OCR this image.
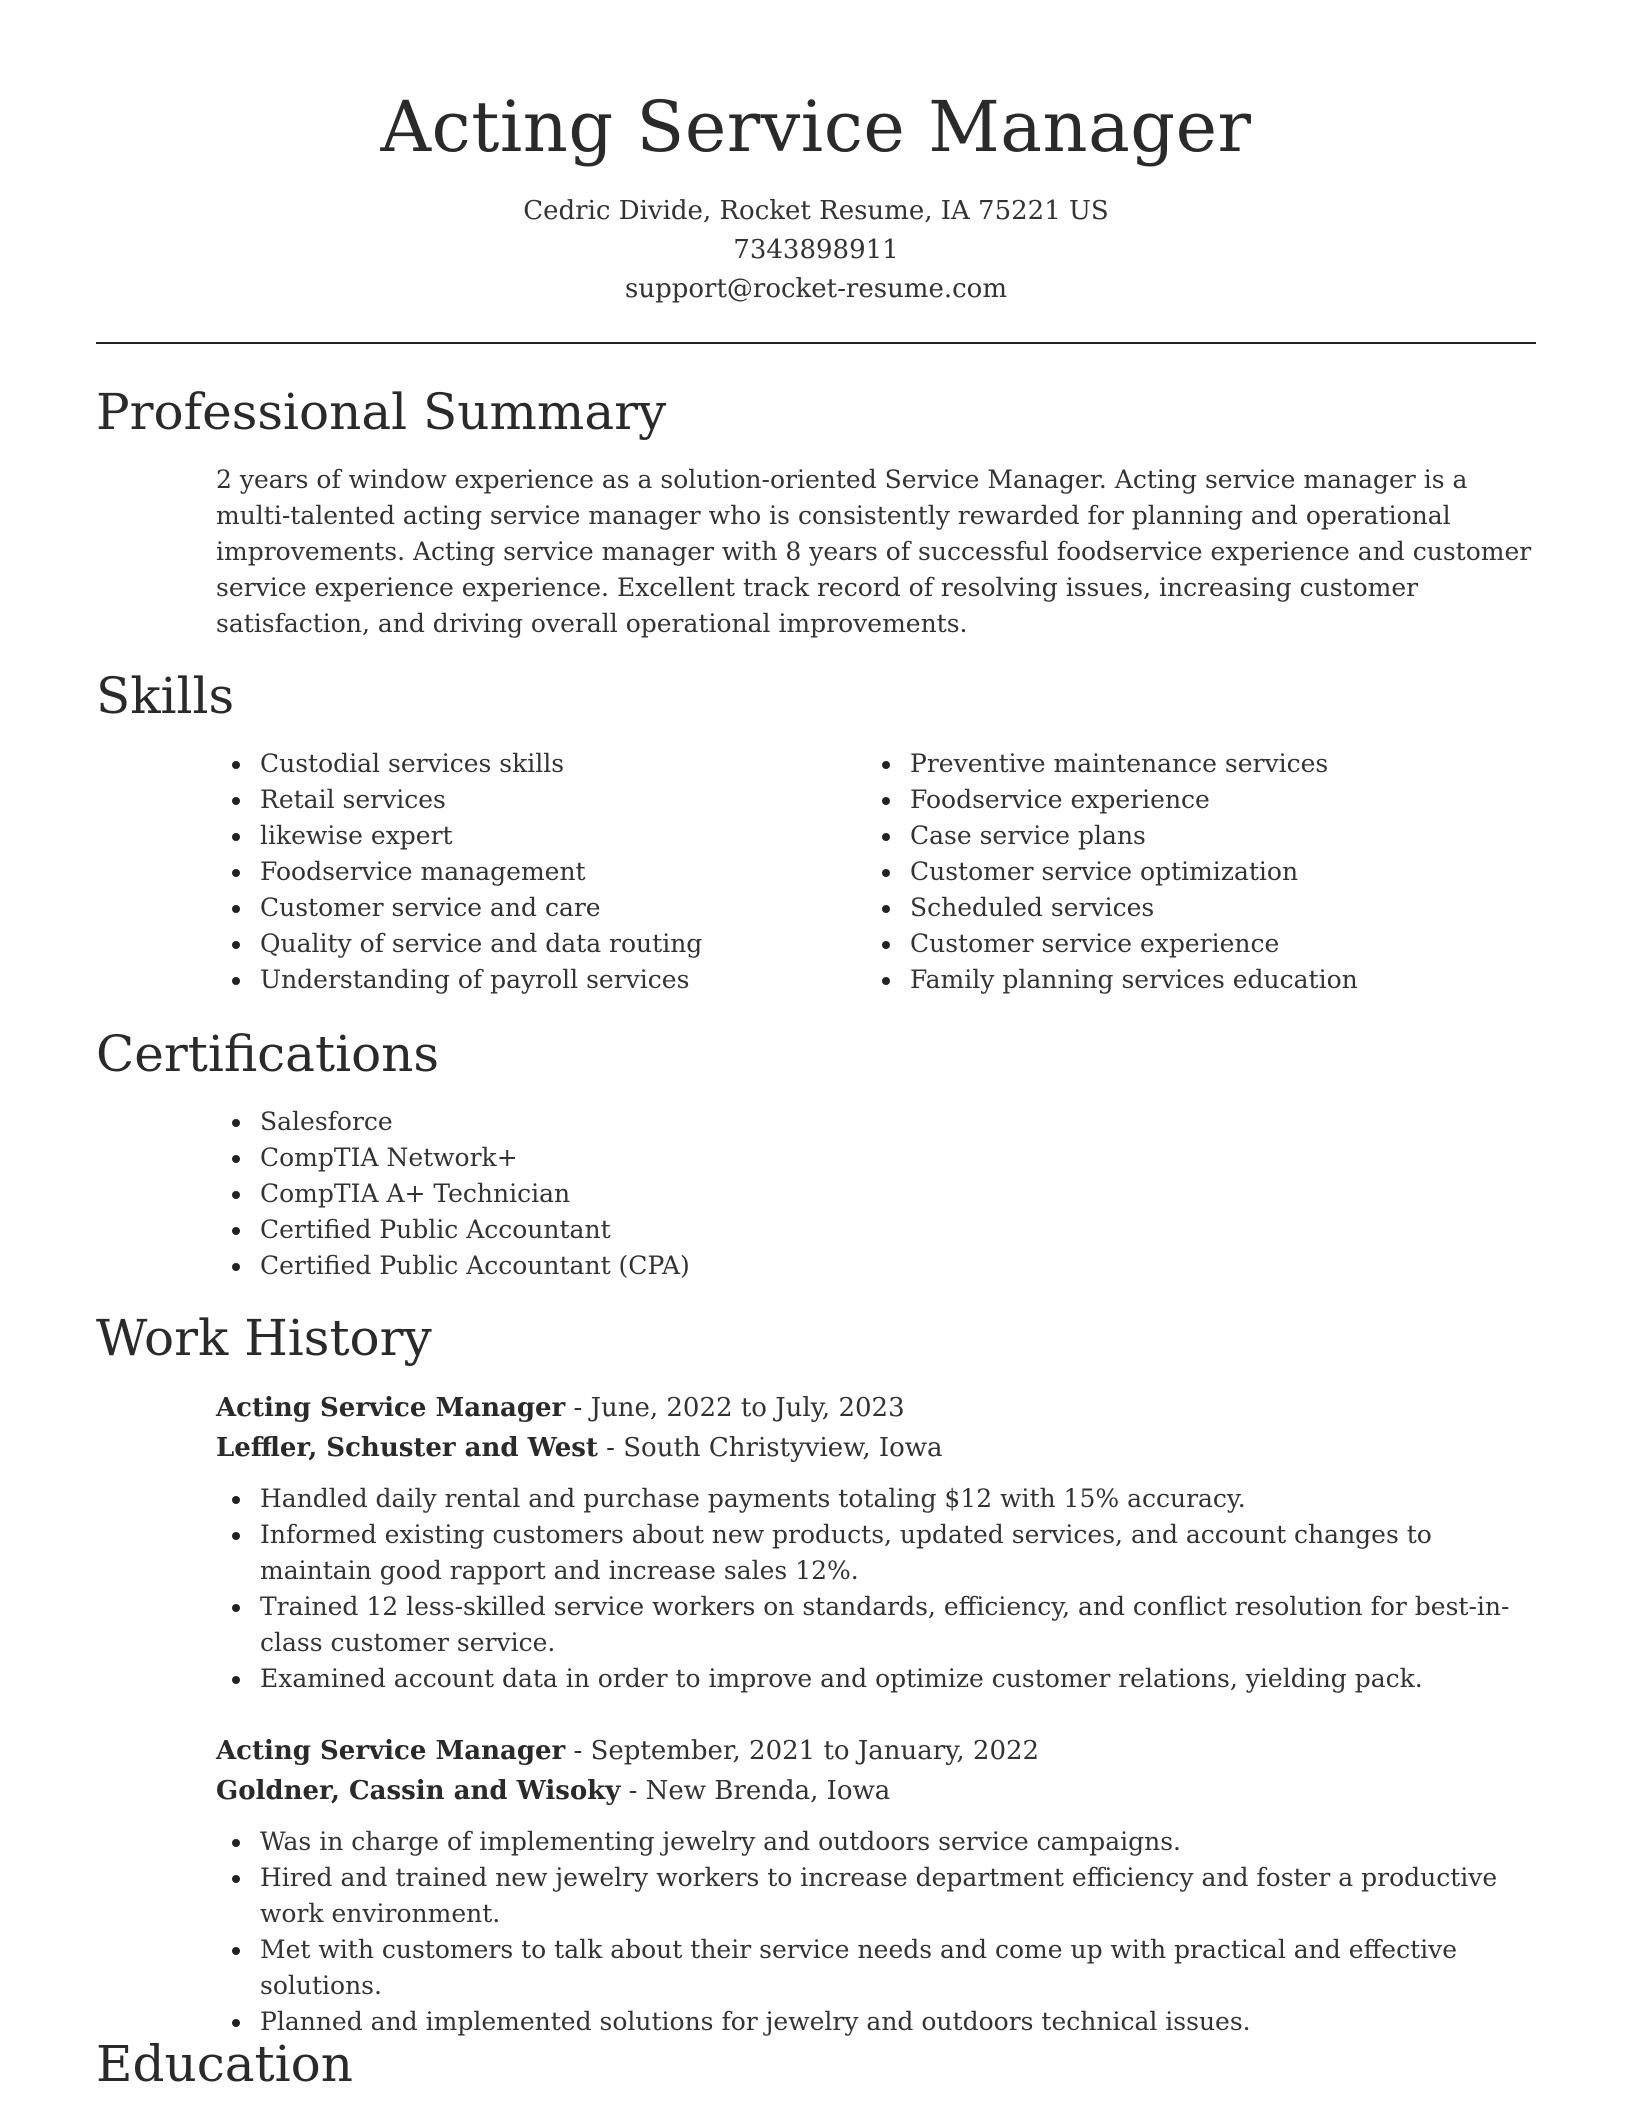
Acting Service Manager
Cedric Divide, Rocket Resume, IA 75221 US
7343898911
support@rocket-resume.com
Professional Summary

2 years of window experience as a solution-oriented Service Manager. Acting service manager is a multi-talented acting service manager who is consistently rewarded for planning and operational improvements. Acting service manager with 8 years of successful foodservice experience and customer service experience experience. Excellent track record of resolving issues, increasing customer satisfaction, and driving overall operational improvements.

Skills
Custodial services skills
Retail services
likewise expert
Foodservice management
Customer service and care
Quality of service and data routing
Understanding of payroll services
Preventive maintenance services
Foodservice experience
Case service plans
Customer service optimization
Scheduled services
Customer service experience
Family planning services education
Certifications
Salesforce
CompTIA Network+
CompTIA A+ Technician
Certified Public Accountant
Certified Public Accountant (CPA)
Work History
Acting Service Manager - June, 2022 to July, 2023
Leffler, Schuster and West - South Christyview, Iowa
Handled daily rental and purchase payments totaling $12 with 15% accuracy.
Informed existing customers about new products, updated services, and account changes to maintain good rapport and increase sales 12%.
Trained 12 less-skilled service workers on standards, efficiency, and conflict resolution for best-in-class customer service.
Examined account data in order to improve and optimize customer relations, yielding pack.
Acting Service Manager - September, 2021 to January, 2022
Goldner, Cassin and Wisoky - New Brenda, Iowa
Was in charge of implementing jewelry and outdoors service campaigns.
Hired and trained new jewelry workers to increase department efficiency and foster a productive work environment.
Met with customers to talk about their service needs and come up with practical and effective solutions.
Planned and implemented solutions for jewelry and outdoors technical issues.
Education
